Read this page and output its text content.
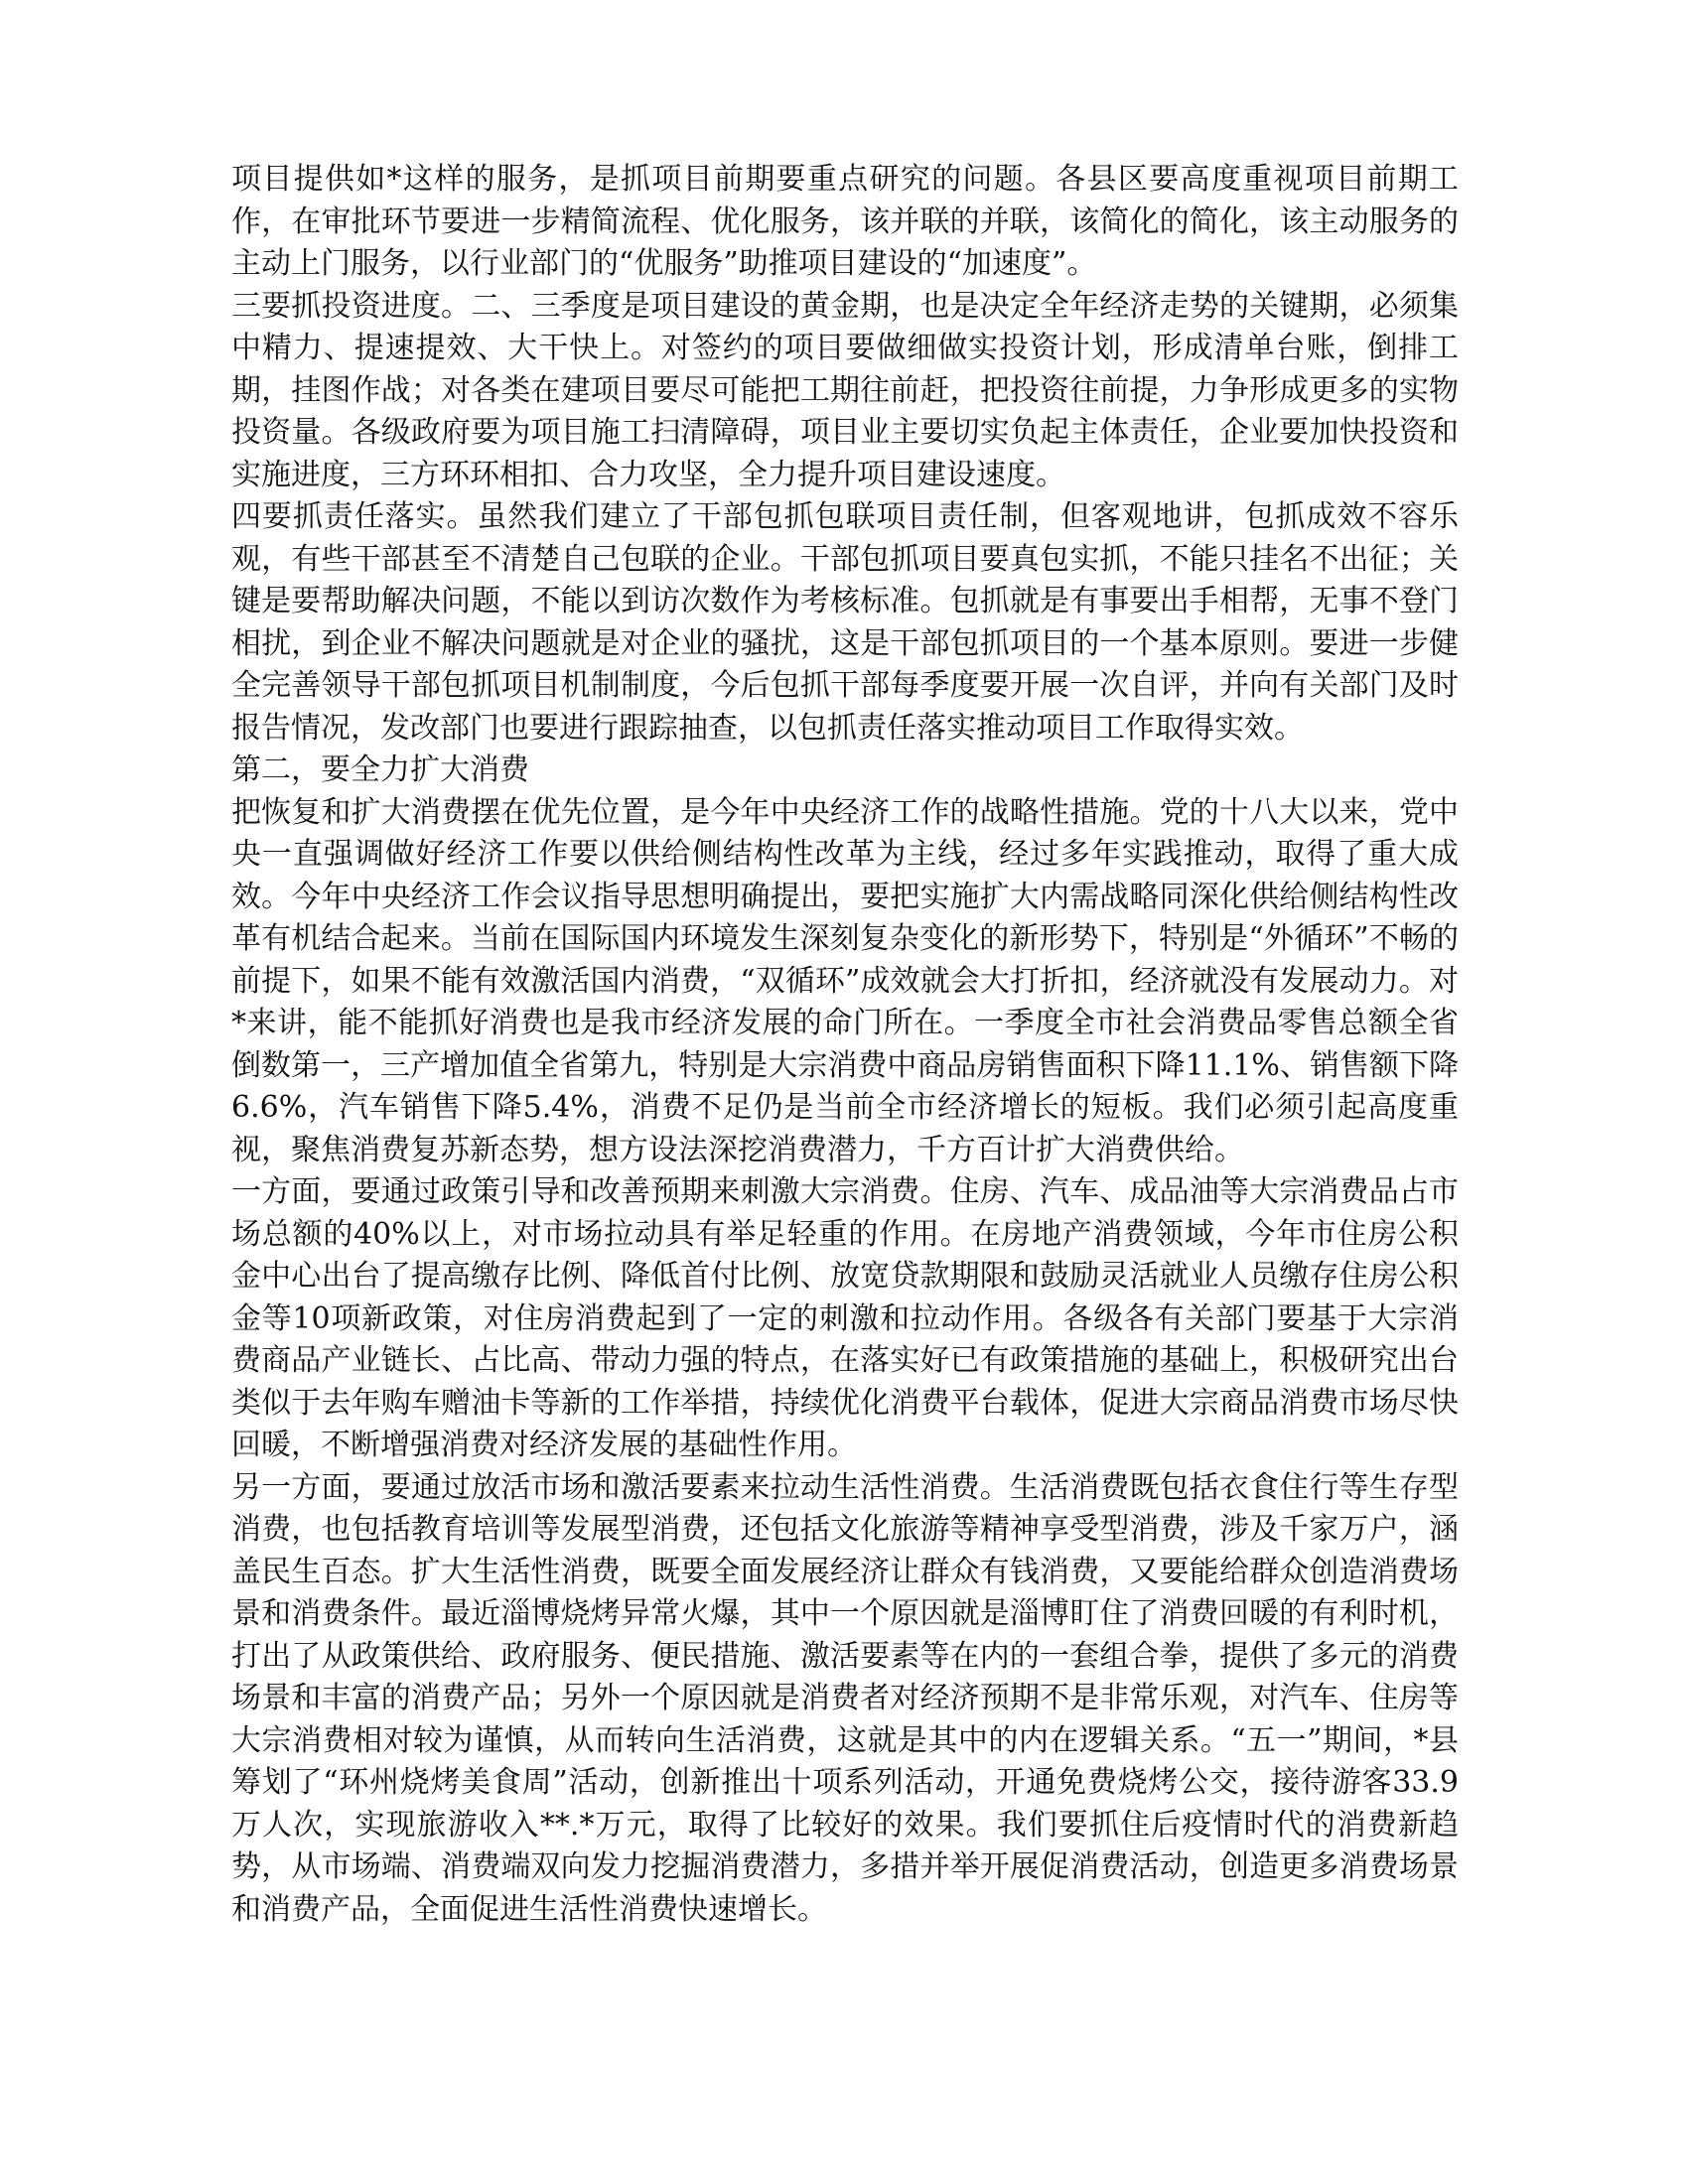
项目提供如*这样的服务，是抓项目前期要重点研究的问题。各县区要高度重视项目前期工作，在审批环节要进一步精简流程、优化服务，该并联的并联，该简化的简化，该主动服务的主动上门服务，以行业部门的“优服务”助推项目建设的“加速度”。

三要抓投资进度。二、三季度是项目建设的黄金期，也是决定全年经济走势的关键期，必须集中精力、提速提效、大干快上。对签约的项目要做细做实投资计划，形成清单台账，倒排工期，挂图作战；对各类在建项目要尽可能把工期往前赶，把投资往前提，力争形成更多的实物投资量。各级政府要为项目施工扫清障碍，项目业主要切实负起主体责任，企业要加快投资和实施进度，三方环环相扣、合力攻坚，全力提升项目建设速度。

四要抓责任落实。虽然我们建立了干部包抓包联项目责任制，但客观地讲，包抓成效不容乐观，有些干部甚至不清楚自己包联的企业。干部包抓项目要真包实抓，不能只挂名不出征；关键是要帮助解决问题，不能以到访次数作为考核标准。包抓就是有事要出手相帮，无事不登门相扰，到企业不解决问题就是对企业的骚扰，这是干部包抓项目的一个基本原则。要进一步健全完善领导干部包抓项目机制制度，今后包抓干部每季度要开展一次自评，并向有关部门及时报告情况，发改部门也要进行跟踪抽查，以包抓责任落实推动项目工作取得实效。

第二，要全力扩大消费

把恢复和扩大消费摆在优先位置，是今年中央经济工作的战略性措施。党的十八大以来，党中央一直强调做好经济工作要以供给侧结构性改革为主线，经过多年实践推动，取得了重大成效。今年中央经济工作会议指导思想明确提出，要把实施扩大内需战略同深化供给侧结构性改革有机结合起来。当前在国际国内环境发生深刻复杂变化的新形势下，特别是“外循环”不畅的前提下，如果不能有效激活国内消费，“双循环”成效就会大打折扣，经济就没有发展动力。对*来讲，能不能抓好消费也是我市经济发展的命门所在。一季度全市社会消费品零售总额全省倒数第一，三产增加值全省第九，特别是大宗消费中商品房销售面积下降11.1%、销售额下降6.6%，汽车销售下降5.4%，消费不足仍是当前全市经济增长的短板。我们必须引起高度重视，聚焦消费复苏新态势，想方设法深挖消费潜力，千方百计扩大消费供给。

一方面，要通过政策引导和改善预期来刺激大宗消费。住房、汽车、成品油等大宗消费品占市场总额的40%以上，对市场拉动具有举足轻重的作用。在房地产消费领域，今年市住房公积金中心出台了提高缴存比例、降低首付比例、放宽贷款期限和鼓励灵活就业人员缴存住房公积金等10项新政策，对住房消费起到了一定的刺激和拉动作用。各级各有关部门要基于大宗消费商品产业链长、占比高、带动力强的特点，在落实好已有政策措施的基础上，积极研究出台类似于去年购车赠油卡等新的工作举措，持续优化消费平台载体，促进大宗商品消费市场尽快回暖，不断增强消费对经济发展的基础性作用。

另一方面，要通过放活市场和激活要素来拉动生活性消费。生活消费既包括衣食住行等生存型消费，也包括教育培训等发展型消费，还包括文化旅游等精神享受型消费，涉及千家万户，涵盖民生百态。扩大生活性消费，既要全面发展经济让群众有钱消费，又要能给群众创造消费场景和消费条件。最近淄博烧烤异常火爆，其中一个原因就是淄博盯住了消费回暖的有利时机，打出了从政策供给、政府服务、便民措施、激活要素等在内的一套组合拳，提供了多元的消费场景和丰富的消费产品；另外一个原因就是消费者对经济预期不是非常乐观，对汽车、住房等大宗消费相对较为谨慎，从而转向生活消费，这就是其中的内在逻辑关系。“五一”期间，*县筹划了“环州烧烤美食周”活动，创新推出十项系列活动，开通免费烧烤公交，接待游客33.9万人次，实现旅游收入**.*万元，取得了比较好的效果。我们要抓住后疫情时代的消费新趋势，从市场端、消费端双向发力挖掘消费潜力，多措并举开展促消费活动，创造更多消费场景和消费产品，全面促进生活性消费快速增长。
